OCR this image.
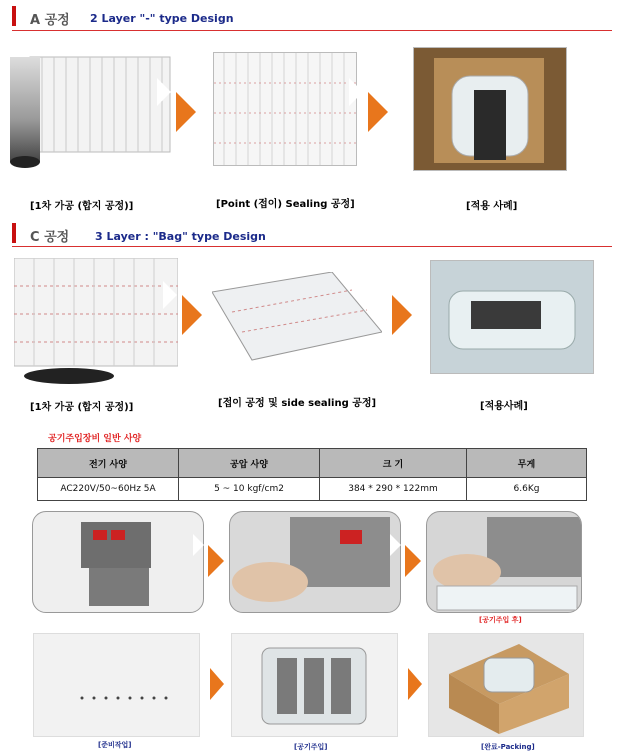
A 공정 2 Layer "-" type Design
[1차 가공 (합지 공정)]	[Point (접이) Sealing 공정]	[적용 사례]
C 공정 3 Layer : "Bag" type Design
[1차 가공 (합지 공정)]	[접이 공정 및 side sealing 공정]	[적용사례]
공기주입장비 일반 사양
전기 사양	공압 사양	크 기	무게
AC220V/50~60Hz 5A	5 ~ 10 kgf/cm2	384 * 290 * 122mm	6.6Kg
[공기주입 후]
[준비작업]	[공기주입]	[완료-Packing]
